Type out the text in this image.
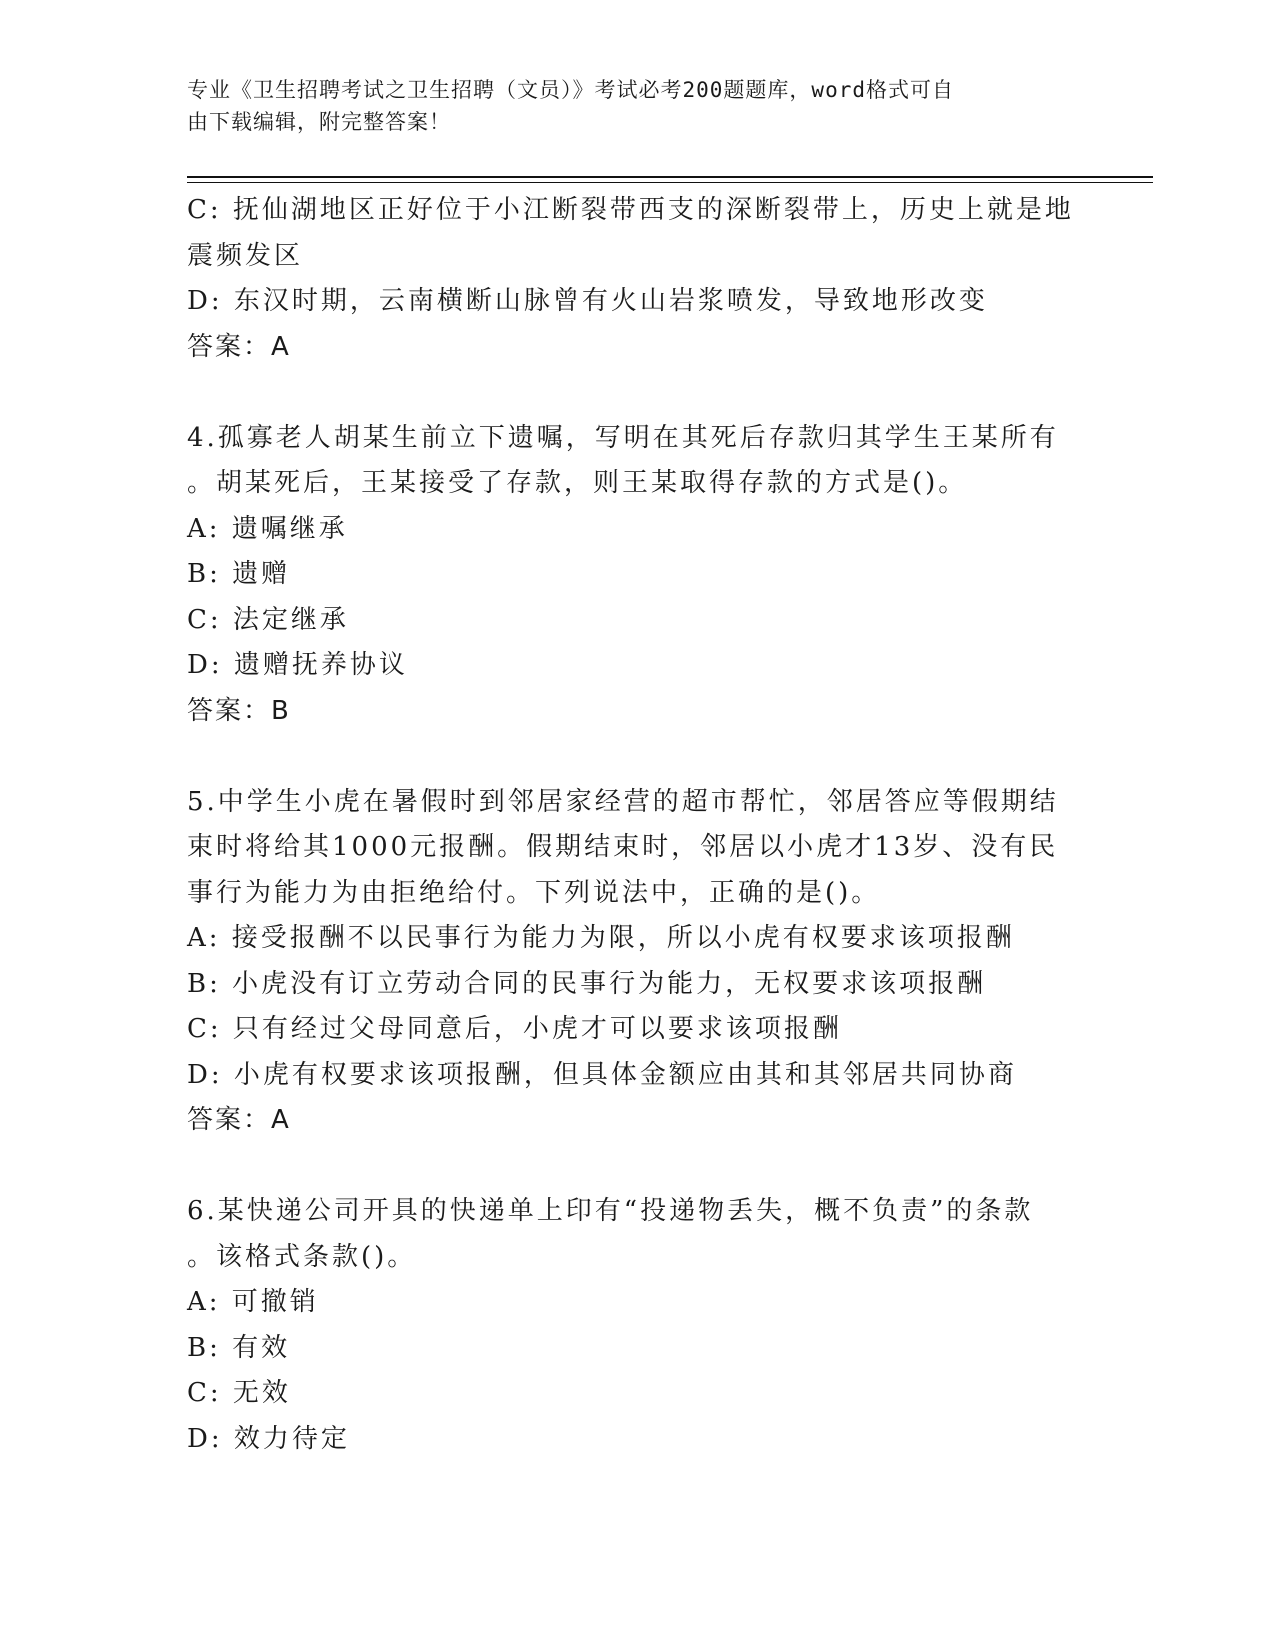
专业《卫生招聘考试之卫生招聘（文员）》考试必考200题题库，word格式可自
由下载编辑，附完整答案！
C: 抚仙湖地区正好位于小江断裂带西支的深断裂带上，历史上就是地
震频发区
D: 东汉时期，云南横断山脉曾有火山岩浆喷发，导致地形改变
答案：A
4.孤寡老人胡某生前立下遗嘱，写明在其死后存款归其学生王某所有
。胡某死后，王某接受了存款，则王某取得存款的方式是()。
A: 遗嘱继承
B: 遗赠
C: 法定继承
D: 遗赠抚养协议
答案：B
5.中学生小虎在暑假时到邻居家经营的超市帮忙，邻居答应等假期结
束时将给其1000元报酬。假期结束时，邻居以小虎才13岁、没有民
事行为能力为由拒绝给付。下列说法中，正确的是()。
A: 接受报酬不以民事行为能力为限，所以小虎有权要求该项报酬
B: 小虎没有订立劳动合同的民事行为能力，无权要求该项报酬
C: 只有经过父母同意后，小虎才可以要求该项报酬
D: 小虎有权要求该项报酬，但具体金额应由其和其邻居共同协商
答案：A
6.某快递公司开具的快递单上印有“投递物丢失，概不负责”的条款
。该格式条款()。
A: 可撤销
B: 有效
C: 无效
D: 效力待定
